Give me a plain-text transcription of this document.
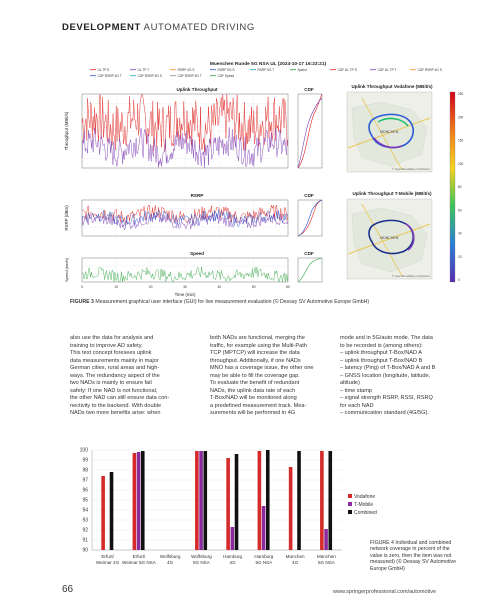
DEVELOPMENT AUTOMATED DRIVING
Muenchen Runde 5G NSA UL (2024-10-17 16:23:21)
UL TP S	UL TP T	RSRP 4G S	RSRP 5G S	RSRP 5G T	Speed	CDF UL TP S	CDF UL TP T	CDF RSRP 4G S
CDF RSRP 4G T	CDF RSRP 5G S	CDF RSRP 5G T	CDF Speed
Uplink Throughput
Throughput (MBit/s)
CDF
Uplink Throughput Vodafone (MBit/s)
MÜNCHEN
© OpenStreetMap contributors
250
200
150
100
80
60
40
20
0
RSRP
RSRP (dBm)
CDF	Uplink Throughput T-Mobile (MBit/s)
MÜNCHEN
© OpenStreetMap contributors
Speed
Speed (km/h)
CDF
0	10	20	30	40	50	60
Time (min)
FIGURE 3 Measurement graphical user interface (GUI) for live measurement evaluation (© Dessay SV Automotive Europe GmbH)

also use the data for analysis and
training to improve AD safety.
This test concept foresees uplink
data measurements mainly in major
German cities, rural areas and high-
ways. The redundancy aspect of the
two NADs is mainly to ensure fail
safety: If one NAD is not functional,
the other NAD can still ensure data con-
nectivity to the backend. With double
NADs two more benefits arise: when

both NADs are functional, merging the
traffic, for example using the Multi-Path
TCP (MPTCP) will increase the data
throughput. Additionally, if one NADs
MNO has a coverage issue, the other one
may be able to fill the coverage gap.
To evaluate the benefit of redundant
NADs, the uplink data rate of each
T-Box/NAD will be monitored along
a predefined measurement track. Mea-
surements will be performed in 4G

mode and in 5G/auto mode. The data
to be recorded is (among others):
– uplink throughput T-Box/NAD A
– uplink throughput T-Box/NAD B
– latency (Ping) of T-Box/NAD A and B
– GNSS location (longitude, latitude,
altitude)
– time stamp
– signal strength RSRP, RSSI, RSRQ
for each NAD
– communication standard (4G/5G).

100
99
98
97
96
95
94
93
92
91
90
Erfurt/
Weimar 4G
Erfurt/
Weimar 5G NSA
Wolfsburg
4G
Wolfsburg
5G NSA
Hamburg
4G
Hamburg
5G NSA
München
4G
München
5G NSA
Vodafone
T-Mobile
Combined
FIGURE 4 Individual and combined
network coverage in percent of the
value is zero, then the item was not
measured) (© Dessay SV Automotive
Europe GmbH)
66	www.springerprofessional.com/automotive
